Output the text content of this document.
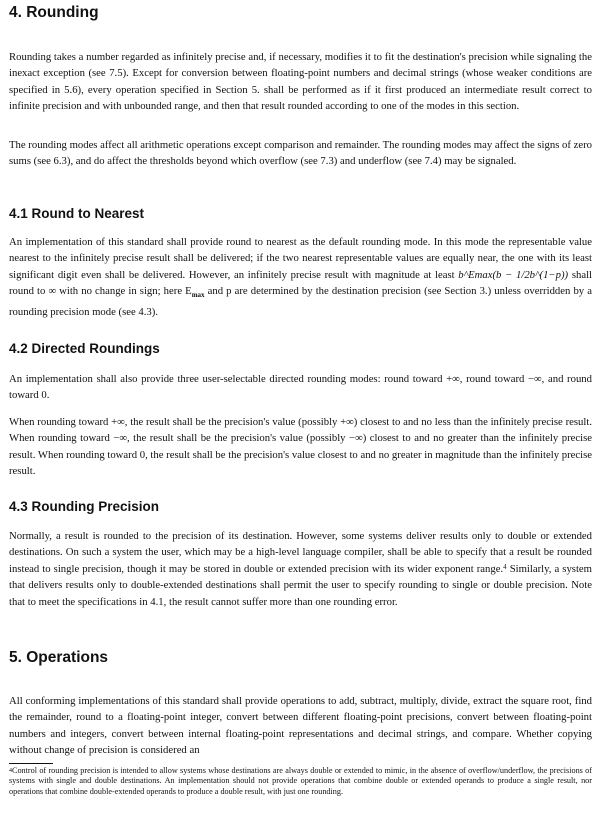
4. Rounding

Rounding takes a number regarded as infinitely precise and, if necessary, modifies it to fit the destination's precision while signaling the inexact exception (see 7.5). Except for conversion between floating-point numbers and decimal strings (whose weaker conditions are specified in 5.6), every operation specified in Section 5. shall be performed as if it first produced an intermediate result correct to infinite precision and with unbounded range, and then that result rounded according to one of the modes in this section.

The rounding modes affect all arithmetic operations except comparison and remainder. The rounding modes may affect the signs of zero sums (see 6.3), and do affect the thresholds beyond which overflow (see 7.3) and underflow (see 7.4) may be signaled.

4.1 Round to Nearest

An implementation of this standard shall provide round to nearest as the default rounding mode. In this mode the representable value nearest to the infinitely precise result shall be delivered; if the two nearest representable values are equally near, the one with its least significant digit even shall be delivered. However, an infinitely precise result with magnitude at least b^Emax(b − 1/2b^(1−p)) shall round to ∞ with no change in sign; here $E_{max}$ and p are determined by the destination precision (see Section 3.) unless overridden by a rounding precision mode (see 4.3).

4.2 Directed Roundings

An implementation shall also provide three user-selectable directed rounding modes: round toward +∞, round toward −∞, and round toward 0.

When rounding toward +∞, the result shall be the precision's value (possibly +∞) closest to and no less than the infinitely precise result. When rounding toward −∞, the result shall be the precision's value (possibly −∞) closest to and no greater than the infinitely precise result. When rounding toward 0, the result shall be the precision's value closest to and no greater in magnitude than the infinitely precise result.

4.3 Rounding Precision

Normally, a result is rounded to the precision of its destination. However, some systems deliver results only to double or extended destinations. On such a system the user, which may be a high-level language compiler, shall be able to specify that a result be rounded instead to single precision, though it may be stored in double or extended precision with its wider exponent range.$^4$ Similarly, a system that delivers results only to double-extended destinations shall permit the user to specify rounding to single or double precision. Note that to meet the specifications in 4.1, the result cannot suffer more than one rounding error.

5. Operations

All conforming implementations of this standard shall provide operations to add, subtract, multiply, divide, extract the square root, find the remainder, round to a floating-point integer, convert between different floating-point precisions, convert between floating-point numbers and integers, convert between internal floating-point representations and decimal strings, and compare. Whether copying without change of precision is considered an

$^4$Control of rounding precision is intended to allow systems whose destinations are always double or extended to mimic, in the absence of overflow/underflow, the precisions of systems with single and double destinations. An implementation should not provide operations that combine double or extended operands to produce a single result, nor operations that combine double-extended operands to produce a double result, with just one rounding.
